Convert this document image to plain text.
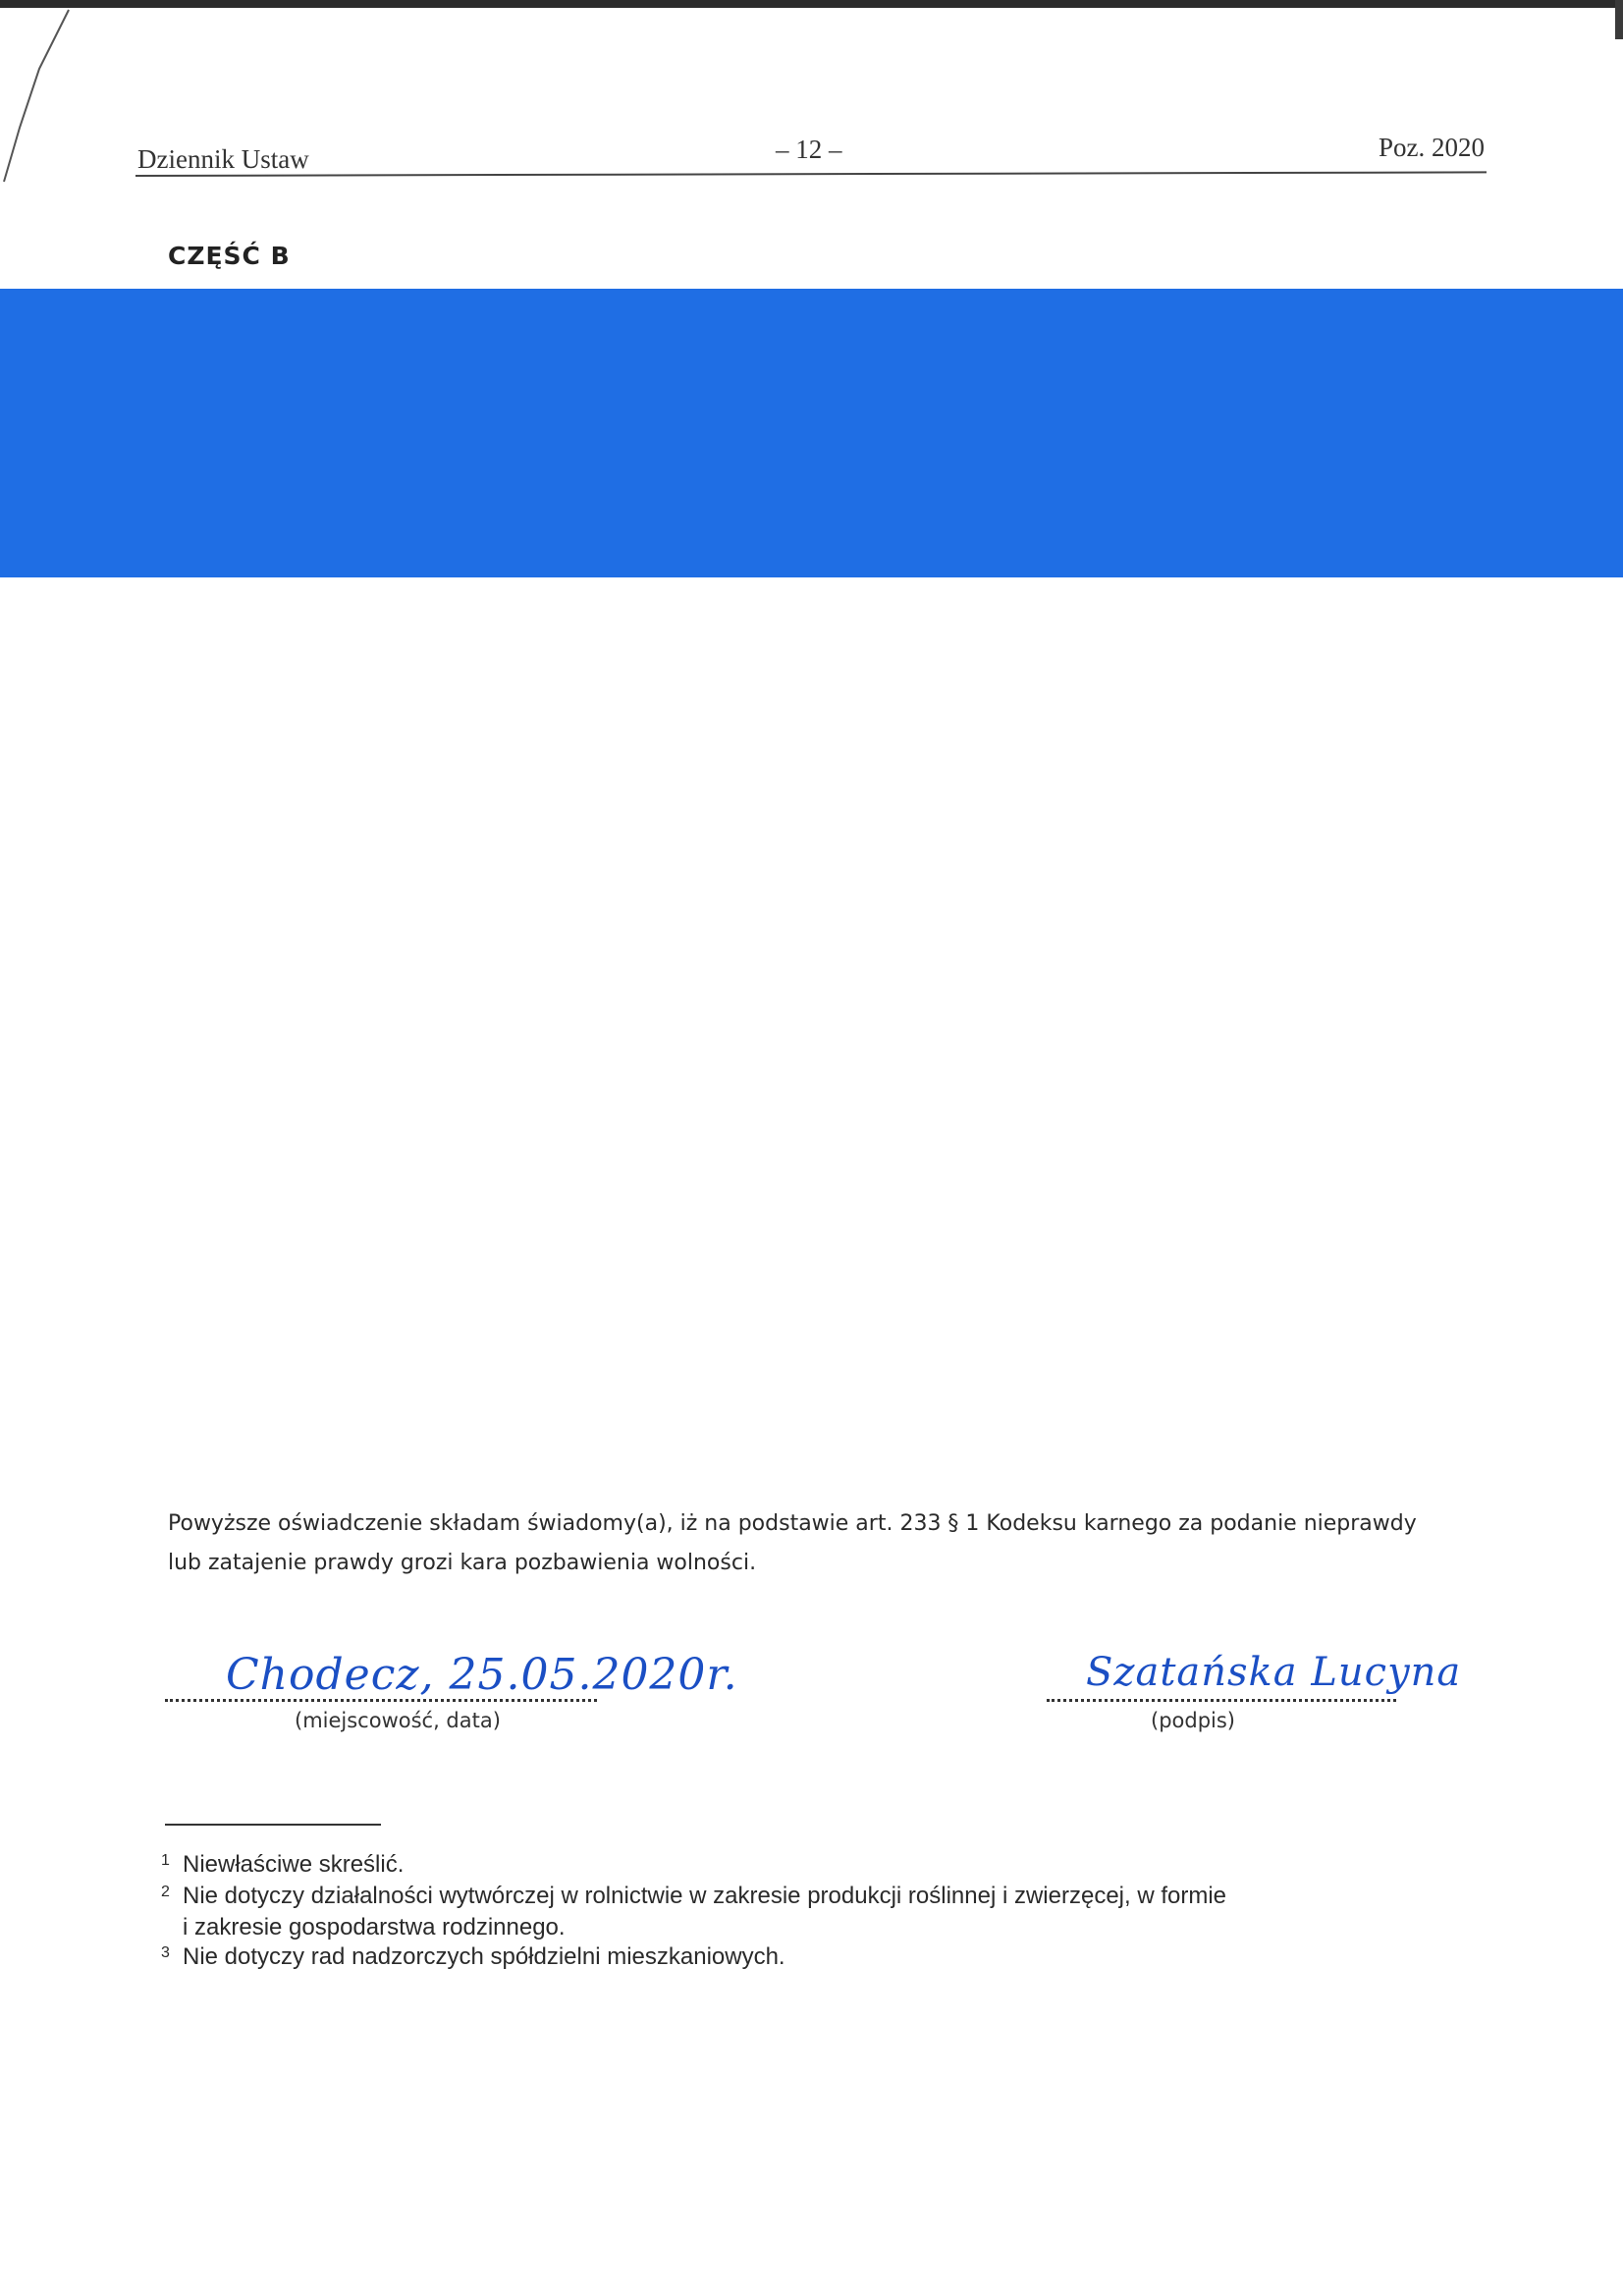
Dziennik Ustaw	– 12 –	Poz. 2020
CZĘŚĆ B
Powyższe oświadczenie składam świadomy(a), iż na podstawie art. 233 § 1 Kodeksu karnego za podanie nieprawdy
lub zatajenie prawdy grozi kara pozbawienia wolności.
Chodecz, 25.05.2020r.
(miejscowość, data)
Szatańska Lucyna
(podpis)
1 Niewłaściwe skreślić.
2 Nie dotyczy działalności wytwórczej w rolnictwie w zakresie produkcji roślinnej i zwierzęcej, w formie
i zakresie gospodarstwa rodzinnego.
3 Nie dotyczy rad nadzorczych spółdzielni mieszkaniowych.
